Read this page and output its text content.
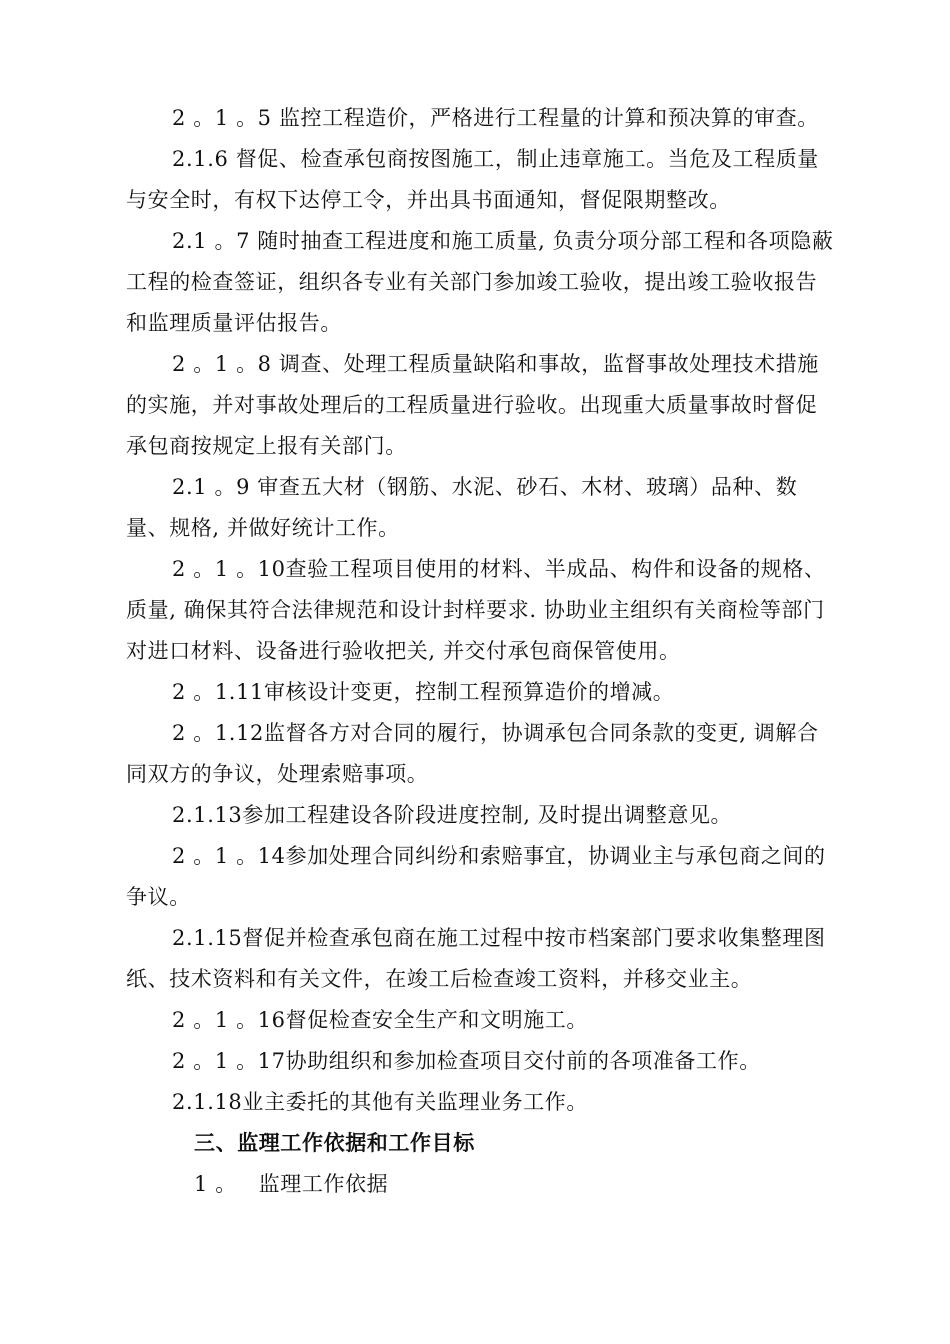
2 。1 。5 监控工程造价，严格进行工程量的计算和预决算的审查。

2.1.6 督促、检查承包商按图施工，制止违章施工。当危及工程质量与安全时，有权下达停工令，并出具书面通知，督促限期整改。

2.1 。7 随时抽查工程进度和施工质量, 负责分项分部工程和各项隐蔽工程的检查签证，组织各专业有关部门参加竣工验收，提出竣工验收报告和监理质量评估报告。

2 。1 。8 调查、处理工程质量缺陷和事故，监督事故处理技术措施的实施，并对事故处理后的工程质量进行验收。出现重大质量事故时督促承包商按规定上报有关部门。

2.1 。9 审查五大材（钢筋、水泥、砂石、木材、玻璃）品种、数量、规格, 并做好统计工作。

2 。1 。10查验工程项目使用的材料、半成品、构件和设备的规格、质量, 确保其符合法律规范和设计封样要求. 协助业主组织有关商检等部门对进口材料、设备进行验收把关, 并交付承包商保管使用。

2 。1.11审核设计变更，控制工程预算造价的增减。

2 。1.12监督各方对合同的履行，协调承包合同条款的变更, 调解合同双方的争议，处理索赔事项。

2.1.13参加工程建设各阶段进度控制, 及时提出调整意见。

2 。1 。14参加处理合同纠纷和索赔事宜，协调业主与承包商之间的争议。

2.1.15督促并检查承包商在施工过程中按市档案部门要求收集整理图纸、技术资料和有关文件，在竣工后检查竣工资料，并移交业主。

2 。1 。16督促检查安全生产和文明施工。

2 。1 。17协助组织和参加检查项目交付前的各项准备工作。

2.1.18业主委托的其他有关监理业务工作。

三、监理工作依据和工作目标

1 。   监理工作依据
